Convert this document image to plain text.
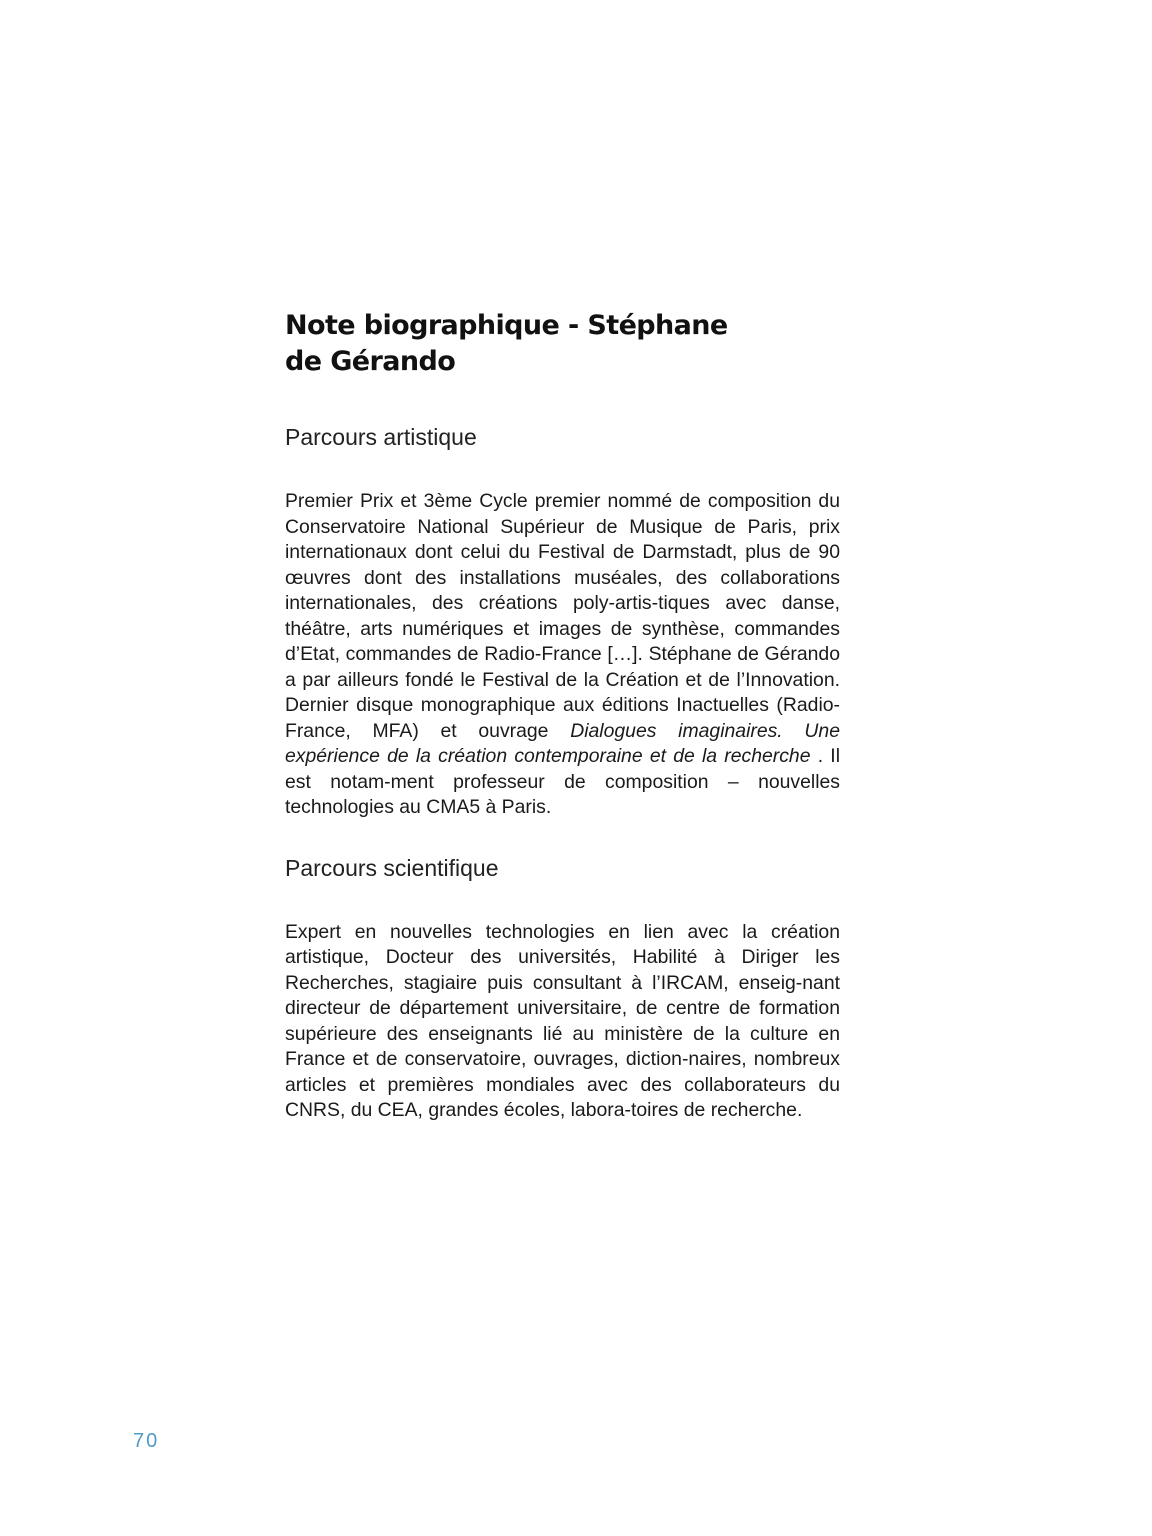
Note biographique - Stéphane
de Gérando
Parcours artistique

Premier Prix et 3ème Cycle premier nommé de composition du Conservatoire National Supérieur de Musique de Paris, prix internationaux dont celui du Festival de Darmstadt, plus de 90 œuvres dont des installations muséales, des collaborations internationales, des créations poly-artis-tiques avec danse, théâtre, arts numériques et images de synthèse, commandes d’Etat, commandes de Radio-France […]. Stéphane de Gérando a par ailleurs fondé le Festival de la Création et de l’Innovation. Dernier disque monographique aux éditions Inactuelles (Radio-France, MFA) et ouvrage Dialogues imaginaires. Une expérience de la création contemporaine et de la recherche . Il est notam-ment professeur de composition – nouvelles technologies au CMA5 à Paris.

Parcours scientifique

Expert en nouvelles technologies en lien avec la création artistique, Docteur des universités, Habilité à Diriger les Recherches, stagiaire puis consultant à l’IRCAM, enseig-nant directeur de département universitaire, de centre de formation supérieure des enseignants lié au ministère de la culture en France et de conservatoire, ouvrages, diction-naires, nombreux articles et premières mondiales avec des collaborateurs du CNRS, du CEA, grandes écoles, labora-toires de recherche.

70
